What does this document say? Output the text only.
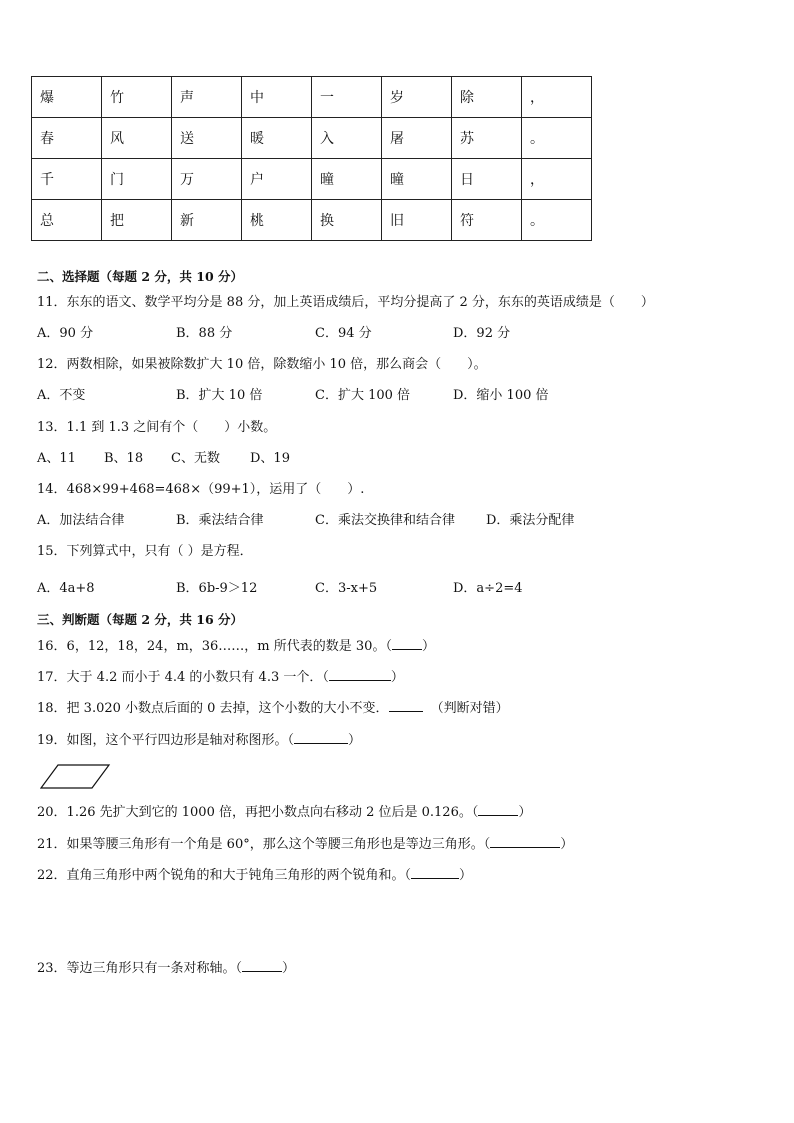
爆	竹	声	中	一	岁	除	，
春	风	送	暖	入	屠	苏	。
千	门	万	户	曈	曈	日	，
总	把	新	桃	换	旧	符	。
二、选择题（每题 2 分，共 10 分）
11．东东的语文、数学平均分是 88 分，加上英语成绩后，平均分提高了 2 分，东东的英语成绩是（　　）
A．90 分	B．88 分	C．94 分	D．92 分
12．两数相除，如果被除数扩大 10 倍，除数缩小 10 倍，那么商会（　　）。
A．不变	B．扩大 10 倍	C．扩大 100 倍	D．缩小 100 倍
13．1.1 到 1.3 之间有个（　　）小数。
A、11 B、18 C、无数 D、19
14．468×99+468=468×（99+1），运用了（　　）.
A．加法结合律	B．乘法结合律	C．乘法交换律和结合律 D．乘法分配律
15．下列算式中，只有（ ）是方程．
A．4a+8	B．6b-9＞12	C．3-x+5	D．a÷2=4
三、判断题（每题 2 分，共 16 分）
16．6，12，18，24，m，36……，m 所代表的数是 30。（ ）
17．大于 4.2 而小于 4.4 的小数只有 4.3 一个．（	）
18．把 3.020 小数点后面的 0 去掉，这个小数的大小不变．	（判断对错）
19．如图，这个平行四边形是轴对称图形。（	）
20．1.26 先扩大到它的 1000 倍，再把小数点向右移动 2 位后是 0.126。（	）
21．如果等腰三角形有一个角是 60°，那么这个等腰三角形也是等边三角形。（	）
22．直角三角形中两个锐角的和大于钝角三角形的两个锐角和。（	）
23．等边三角形只有一条对称轴。（	）
